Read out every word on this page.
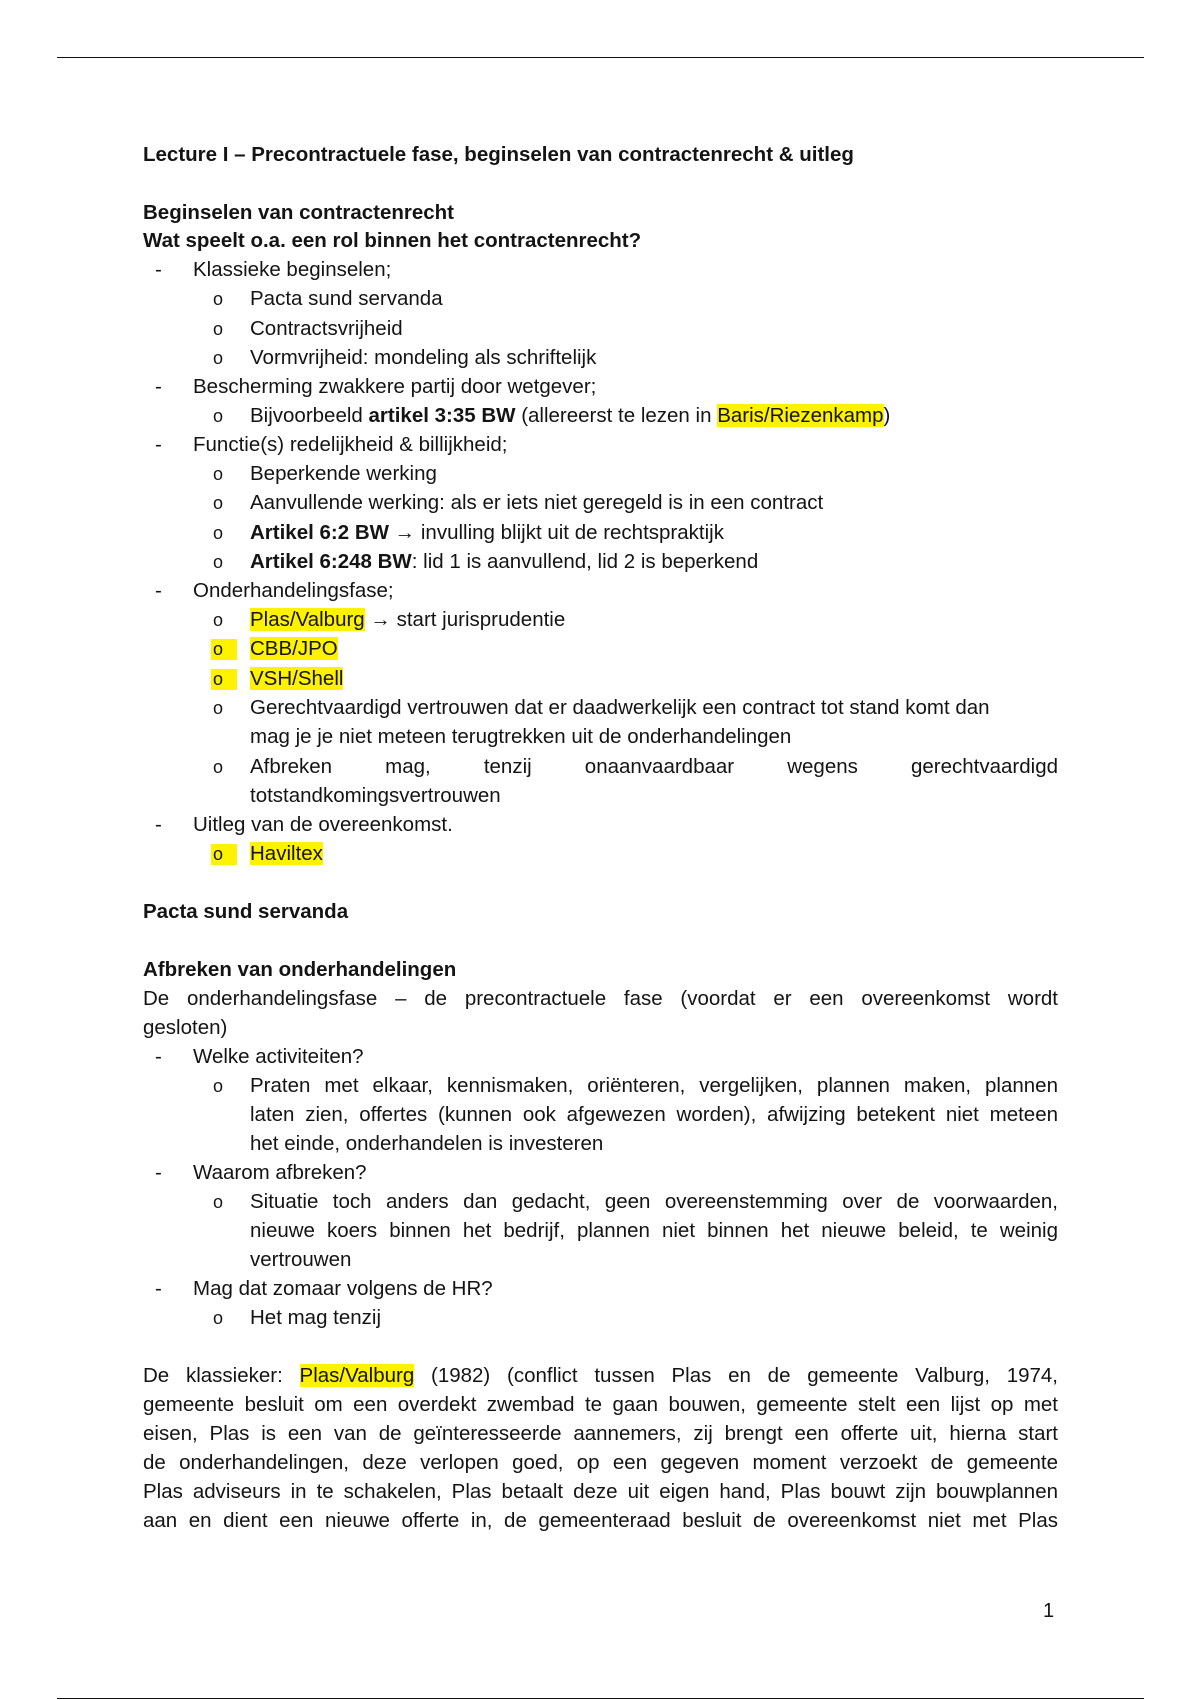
Lecture I – Precontractuele fase, beginselen van contractenrecht & uitleg
Beginselen van contractenrecht
Wat speelt o.a. een rol binnen het contractenrecht?
-	Klassieke beginselen;
o	Pacta sund servanda
o	Contractsvrijheid
o	Vormvrijheid: mondeling als schriftelijk
-	Bescherming zwakkere partij door wetgever;
o	Bijvoorbeeld artikel 3:35 BW (allereerst te lezen in Baris/Riezenkamp)
-	Functie(s) redelijkheid & billijkheid;
o	Beperkende werking
o	Aanvullende werking: als er iets niet geregeld is in een contract
o	Artikel 6:2 BW → invulling blijkt uit de rechtspraktijk
o	Artikel 6:248 BW: lid 1 is aanvullend, lid 2 is beperkend
-	Onderhandelingsfase;
o	Plas/Valburg → start jurisprudentie
o	CBB/JPO
o	VSH/Shell
o	Gerechtvaardigd vertrouwen dat er daadwerkelijk een contract tot stand komt dan
mag je je niet meteen terugtrekken uit de onderhandelingen
o	Afbreken mag, tenzij onaanvaardbaar wegens gerechtvaardigd
totstandkomingsvertrouwen
-	Uitleg van de overeenkomst.
o	Haviltex
Pacta sund servanda
Afbreken van onderhandelingen
De onderhandelingsfase – de precontractuele fase (voordat er een overeenkomst wordt
gesloten)
-	Welke activiteiten?
o	Praten met elkaar, kennismaken, oriënteren, vergelijken, plannen maken, plannen
laten zien, offertes (kunnen ook afgewezen worden), afwijzing betekent niet meteen
het einde, onderhandelen is investeren
-	Waarom afbreken?
o	Situatie toch anders dan gedacht, geen overeenstemming over de voorwaarden,
nieuwe koers binnen het bedrijf, plannen niet binnen het nieuwe beleid, te weinig
vertrouwen
-	Mag dat zomaar volgens de HR?
o	Het mag tenzij
De klassieker: Plas/Valburg (1982) (conflict tussen Plas en de gemeente Valburg, 1974,
gemeente besluit om een overdekt zwembad te gaan bouwen, gemeente stelt een lijst op met
eisen, Plas is een van de geïnteresseerde aannemers, zij brengt een offerte uit, hierna start
de onderhandelingen, deze verlopen goed, op een gegeven moment verzoekt de gemeente
Plas adviseurs in te schakelen, Plas betaalt deze uit eigen hand, Plas bouwt zijn bouwplannen
aan en dient een nieuwe offerte in, de gemeenteraad besluit de overeenkomst niet met Plas
1
